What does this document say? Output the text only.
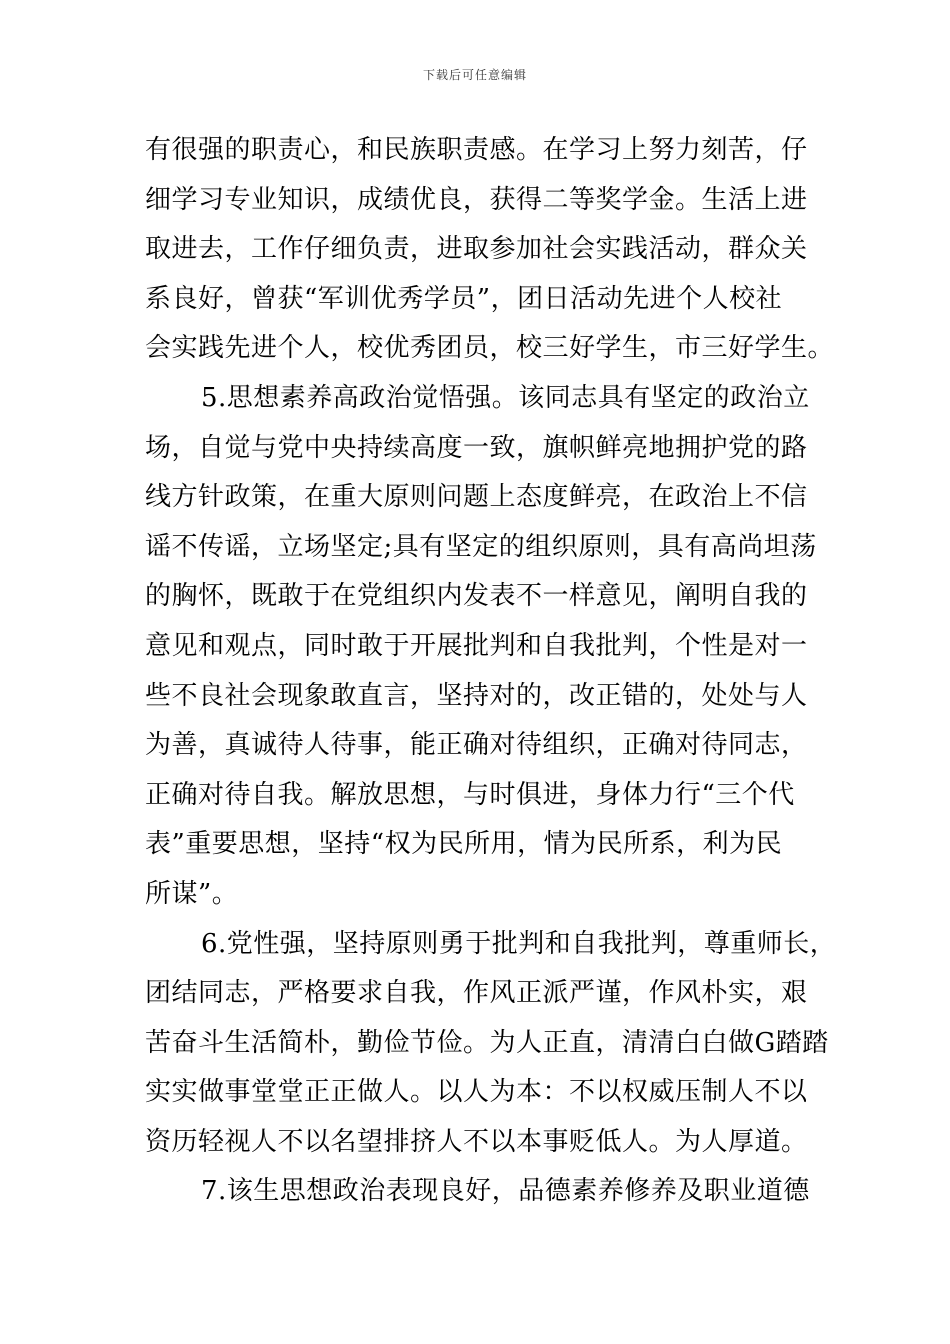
下载后可任意编辑
有很强的职责心，和民族职责感。在学习上努力刻苦，仔
细学习专业知识，成绩优良，获得二等奖学金。生活上进
取进去，工作仔细负责，进取参加社会实践活动，群众关
系良好，曾获“军训优秀学员”，团日活动先进个人校社
会实践先进个人，校优秀团员，校三好学生，市三好学生。
5.思想素养高政治觉悟强。该同志具有坚定的政治立
场，自觉与党中央持续高度一致，旗帜鲜亮地拥护党的路
线方针政策，在重大原则问题上态度鲜亮，在政治上不信
谣不传谣，立场坚定;具有坚定的组织原则，具有高尚坦荡
的胸怀，既敢于在党组织内发表不一样意见，阐明自我的
意见和观点，同时敢于开展批判和自我批判，个性是对一
些不良社会现象敢直言，坚持对的，改正错的，处处与人
为善，真诚待人待事，能正确对待组织，正确对待同志，
正确对待自我。解放思想，与时俱进，身体力行“三个代
表”重要思想，坚持“权为民所用，情为民所系，利为民
所谋”。
6.党性强，坚持原则勇于批判和自我批判，尊重师长，
团结同志，严格要求自我，作风正派严谨，作风朴实，艰
苦奋斗生活简朴，勤俭节俭。为人正直，清清白白做G踏踏
实实做事堂堂正正做人。以人为本：不以权威压制人不以
资历轻视人不以名望排挤人不以本事贬低人。为人厚道。
7.该生思想政治表现良好，品德素养修养及职业道德
